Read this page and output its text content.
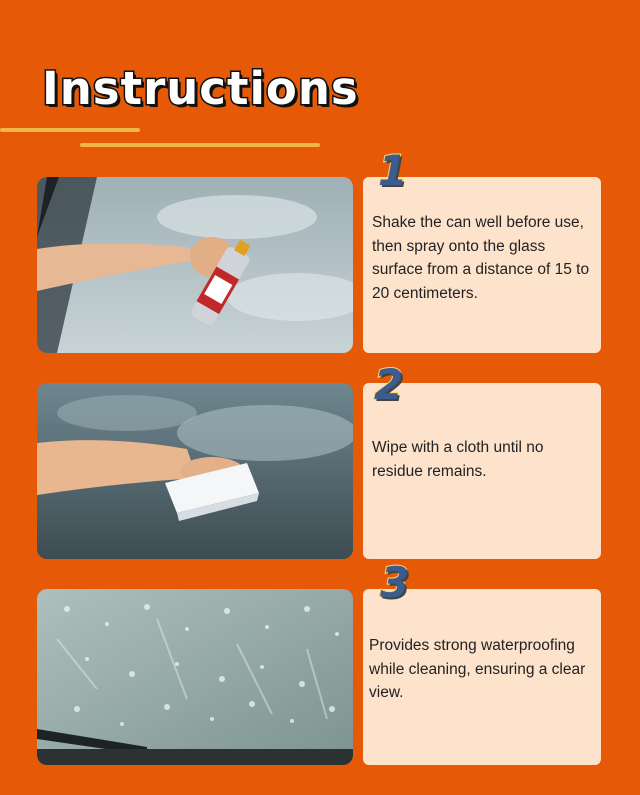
Instructions
Shake the can well before use, then spray onto the glass surface from a distance of 15 to 20 centimeters.
1
Wipe with a cloth until no residue remains.
2
Provides strong waterproofing while cleaning, ensuring a clear view.
3
